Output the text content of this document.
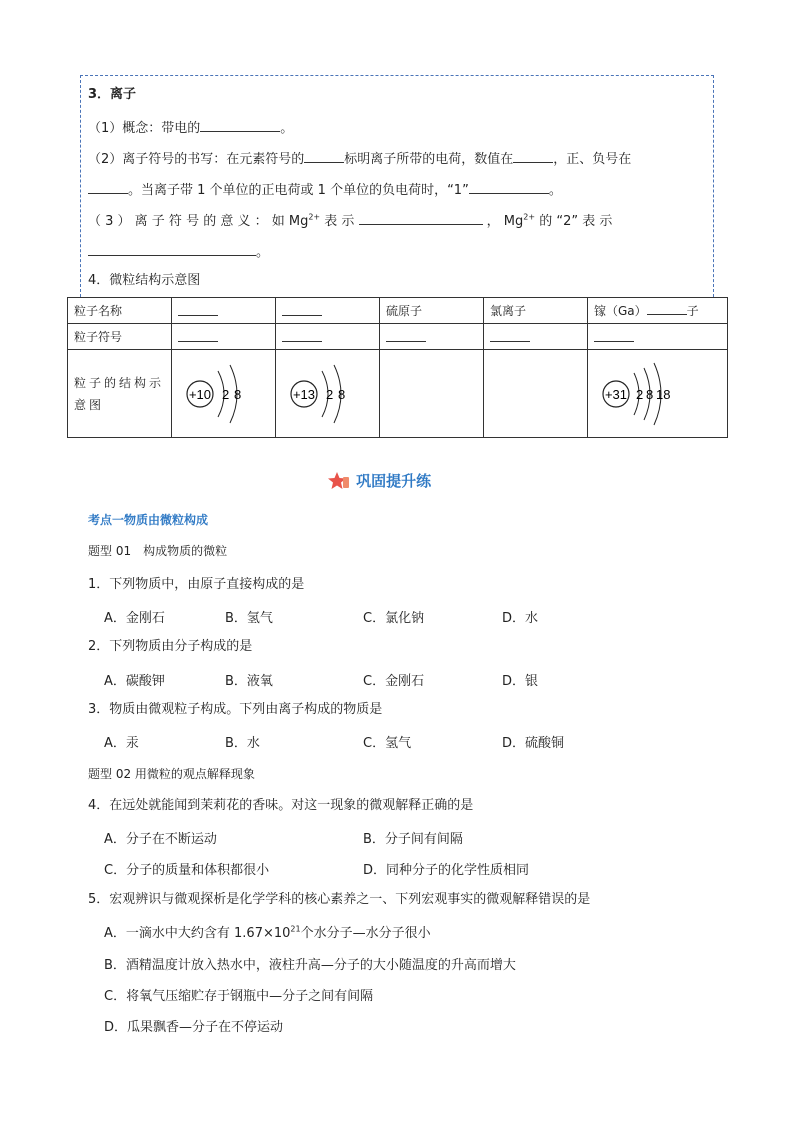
3．离子
（1）概念：带电的	。
（2）离子符号的书写：在元素符号的	标明离子所带的电荷，数值在	，正、负号在
。当离子带 1 个单位的正电荷或 1 个单位的负电荷时，“1”	。
（ 3 ） 离 子 符 号 的 意 义 ： 如 $Mg^{2+}$ 表 示	， $Mg^{2+}$ 的 “2” 表 示
。
4．微粒结构示意图
粒子名称			硫原子	氯离子	镓（Ga） 子
粒子符号					
粒子的结构示意图	+10 2 8	+13 2 8			+31 2 8 18
巩固提升练
考点一物质由微粒构成
题型 01　构成物质的微粒
1．下列物质中，由原子直接构成的是
A．金刚石	B．氢气	C．氯化钠	D．水
2．下列物质由分子构成的是
A．碳酸钾	B．液氧	C．金刚石	D．银
3．物质由微观粒子构成。下列由离子构成的物质是
A．汞	B．水	C．氢气	D．硫酸铜
题型 02 用微粒的观点解释现象
4．在远处就能闻到茉莉花的香味。对这一现象的微观解释正确的是
A．分子在不断运动	B．分子间有间隔
C．分子的质量和体积都很小	D．同种分子的化学性质相同
5．宏观辨识与微观探析是化学学科的核心素养之一、下列宏观事实的微观解释错误的是
A．一滴水中大约含有 $1.67\times 10^{21}$个水分子—水分子很小
B．酒精温度计放入热水中，液柱升高—分子的大小随温度的升高而增大
C．将氧气压缩贮存于钢瓶中—分子之间有间隔
D．瓜果飘香—分子在不停运动
